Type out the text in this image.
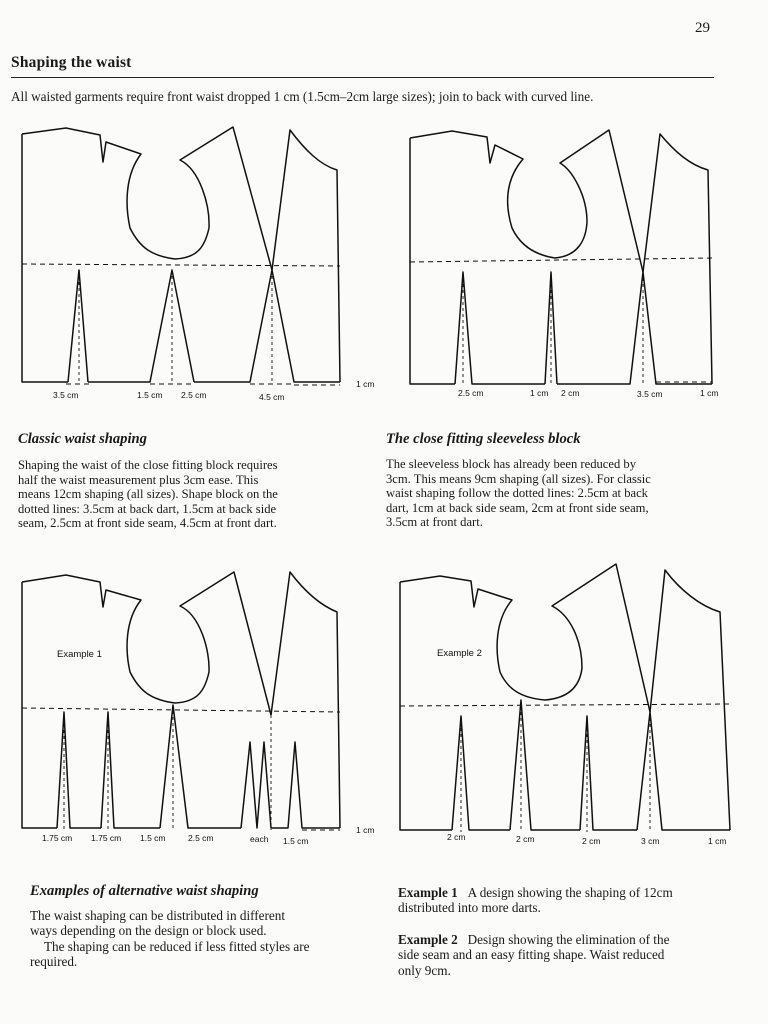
29
Shaping the waist
All waisted garments require front waist dropped 1 cm (1.5cm–2cm large sizes); join to back with curved line.
3.5 cm	1.5 cm 2.5 cm	4.5 cm
1 cm
2.5 cm	1 cm 2 cm	3.5 cm	1 cm
Example 1
1.75 cm 1.75 cm 1.5 cm	2.5 cm	each 1.5 cm
1 cm
Example 2
2 cm	2 cm	2 cm	3 cm	1 cm
Classic waist shaping
Shaping the waist of the close fitting block requires
half the waist measurement plus 3cm ease. This
means 12cm shaping (all sizes). Shape block on the
dotted lines: 3.5cm at back dart, 1.5cm at back side
seam, 2.5cm at front side seam, 4.5cm at front dart.
The close fitting sleeveless block
The sleeveless block has already been reduced by
3cm. This means 9cm shaping (all sizes). For classic
waist shaping follow the dotted lines: 2.5cm at back
dart, 1cm at back side seam, 2cm at front side seam,
3.5cm at front dart.
Examples of alternative waist shaping
The waist shaping can be distributed in different
ways depending on the design or block used.
The shaping can be reduced if less fitted styles are
required.
Example 1 A design showing the shaping of 12cm
distributed into more darts.
Example 2 Design showing the elimination of the
side seam and an easy fitting shape. Waist reduced
only 9cm.
